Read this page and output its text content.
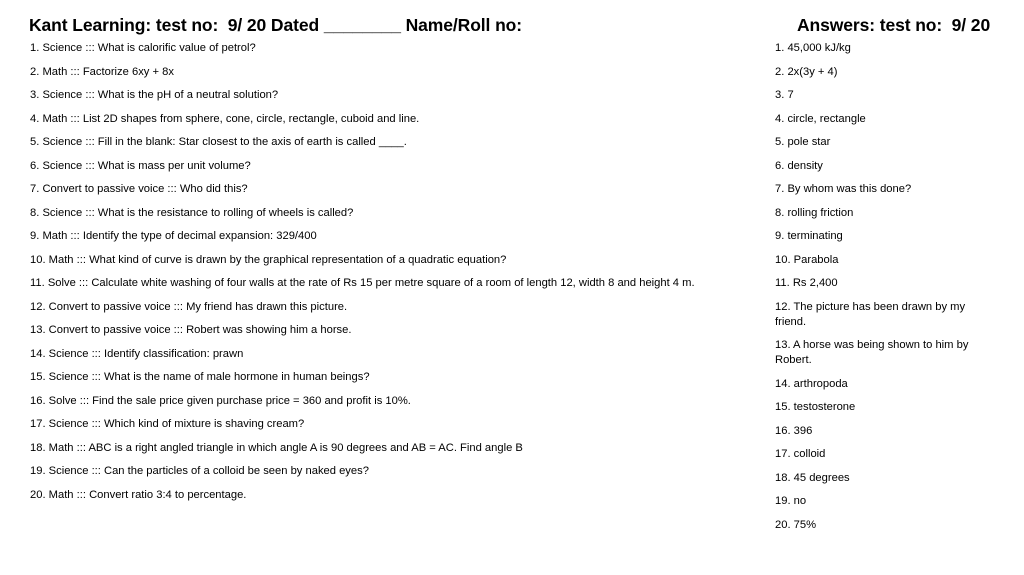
Kant Learning: test no:  9/ 20 Dated ________ Name/Roll no:	Answers: test no:  9/ 20
1. Science ::: What is calorific value of petrol?
2. Math ::: Factorize 6xy + 8x
3. Science ::: What is the pH of a neutral solution?
4. Math ::: List 2D shapes from sphere, cone, circle, rectangle, cuboid and line.
5. Science ::: Fill in the blank: Star closest to the axis of earth is called ____.
6. Science ::: What is mass per unit volume?
7. Convert to passive voice ::: Who did this?
8. Science ::: What is the resistance to rolling of wheels is called?
9. Math ::: Identify the type of decimal expansion: 329/400
10. Math ::: What kind of curve is drawn by the graphical representation of a quadratic equation?
11. Solve ::: Calculate white washing of four walls at the rate of Rs 15 per metre square of a room of length 12, width 8 and height 4 m.
12. Convert to passive voice ::: My friend has drawn this picture.
13. Convert to passive voice ::: Robert was showing him a horse.
14. Science ::: Identify classification: prawn
15. Science ::: What is the name of male hormone in human beings?
16. Solve ::: Find the sale price given purchase price = 360 and profit is 10%.
17. Science ::: Which kind of mixture is shaving cream?
18. Math ::: ABC is a right angled triangle in which angle A is 90 degrees and AB = AC. Find angle B
19. Science ::: Can the particles of a colloid be seen by naked eyes?
20. Math ::: Convert ratio 3:4 to percentage.
1. 45,000 kJ/kg
2. 2x(3y + 4)
3. 7
4. circle, rectangle
5. pole star
6. density
7. By whom was this done?
8. rolling friction
9. terminating
10. Parabola
11. Rs 2,400
12. The picture has been drawn by my friend.
13. A horse was being shown to him by Robert.
14. arthropoda
15. testosterone
16. 396
17. colloid
18. 45 degrees
19. no
20. 75%
